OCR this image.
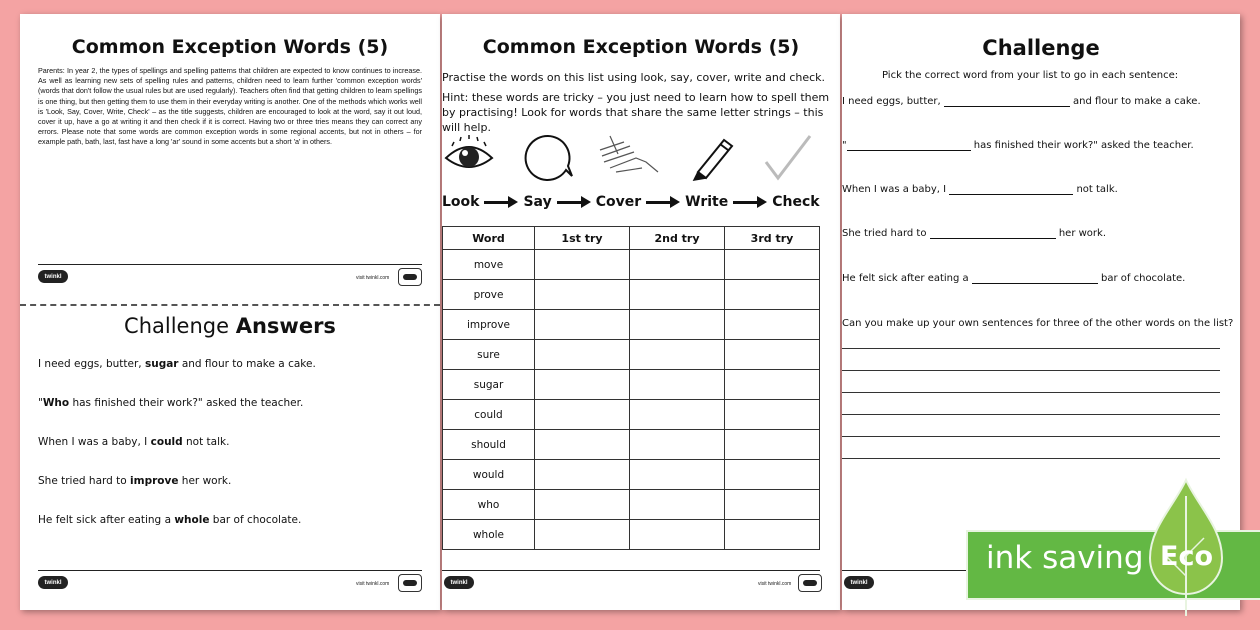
Common Exception Words (5)
Parents: In year 2, the types of spellings and spelling patterns that children are expected to know continues to increase. As well as learning new sets of spelling rules and patterns, children need to learn further 'common exception words' (words that don't follow the usual rules but are used regularly). Teachers often find that getting children to learn spellings is one thing, but then getting them to use them in their everyday writing is another. One of the methods which works well is 'Look, Say, Cover, Write, Check' – as the title suggests, children are encouraged to look at the word, say it out loud, cover it up, have a go at writing it and then check if it is correct. Having two or three tries means they can correct any errors. Please note that some words are common exception words in some regional accents, but not in others – for example path, bath, last, fast have a long 'ar' sound in some accents but a short 'a' in others.
twinkl	visit twinkl.com
Challenge Answers
I need eggs, butter, sugar and flour to make a cake.
"Who has finished their work?" asked the teacher.
When I was a baby, I could not talk.
She tried hard to improve her work.
He felt sick after eating a whole bar of chocolate.
twinkl	visit twinkl.com
Common Exception Words (5)
Practise the words on this list using look, say, cover, write and check.
Hint: these words are tricky – you just need to learn how to spell them by practising! Look for words that share the same letter strings – this will help.
Look	Say	Cover	Write	Check
Word	1st try	2nd try	3rd try
move			
prove			
improve			
sure			
sugar			
could			
should			
would			
who			
whole			
twinkl	visit twinkl.com
Challenge
Pick the correct word from your list to go in each sentence:
I need eggs, butter,	and flour to make a cake.
"	has finished their work?" asked the teacher.
When I was a baby, I	not talk.
She tried hard to	her work.
He felt sick after eating a	bar of chocolate.
Can you make up your own sentences for three of the other words on the list?
twinkl
ink saving Eco
